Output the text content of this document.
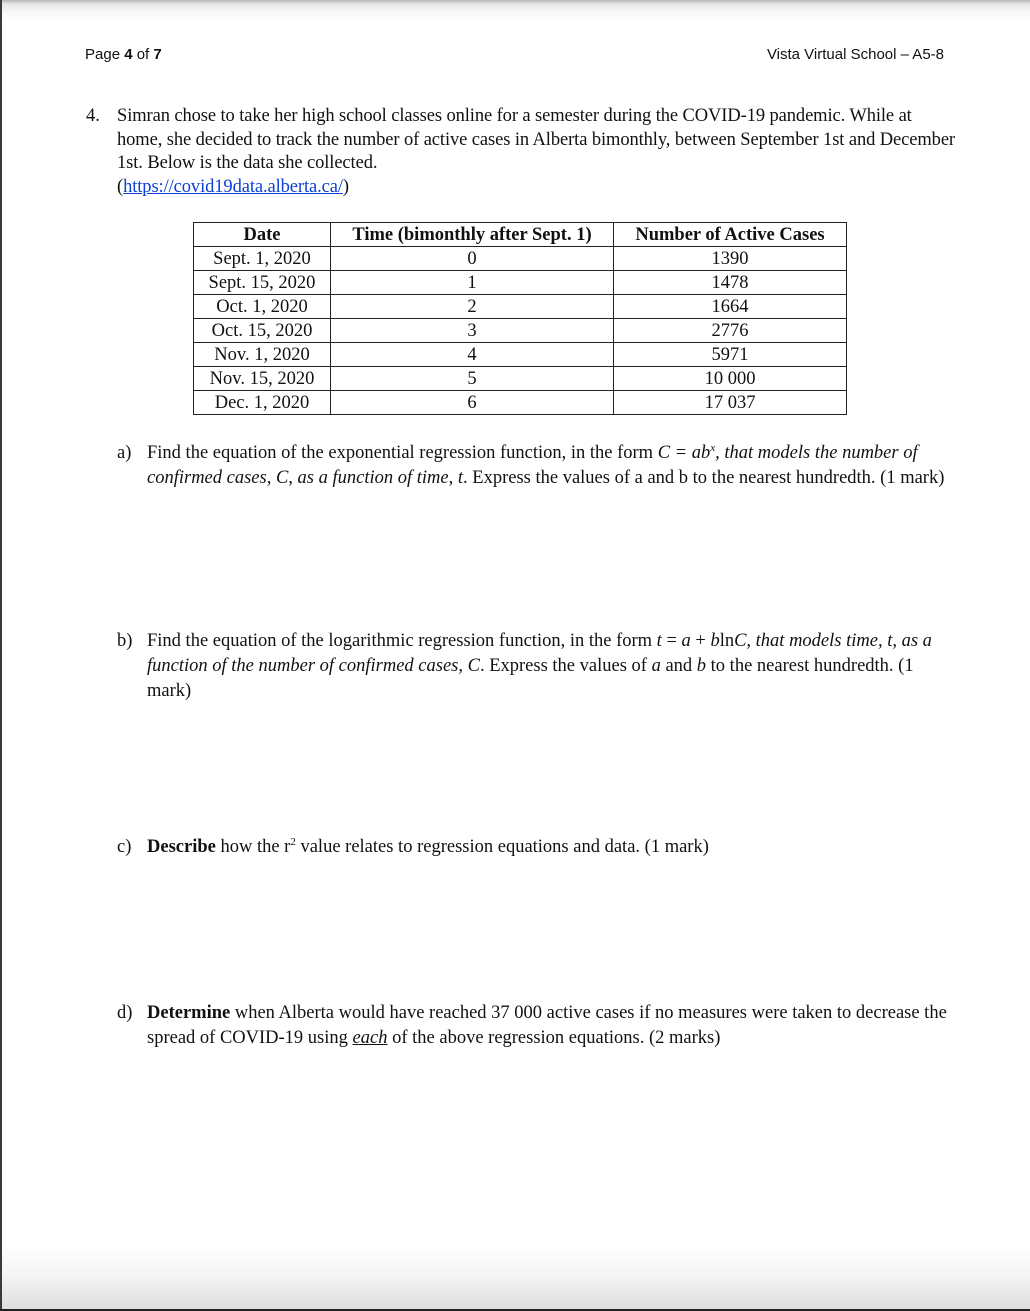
Page 4 of 7	Vista Virtual School – A5-8
4. Simran chose to take her high school classes online for a semester during the COVID-19 pandemic. While at home, she decided to track the number of active cases in Alberta bimonthly, between September 1st and December 1st. Below is the data she collected.
(https://covid19data.alberta.ca/)
Date	Time (bimonthly after Sept. 1)	Number of Active Cases
Sept. 1, 2020	0	1390
Sept. 15, 2020	1	1478
Oct. 1, 2020	2	1664
Oct. 15, 2020	3	2776
Nov. 1, 2020	4	5971
Nov. 15, 2020	5	10 000
Dec. 1, 2020	6	17 037
a) Find the equation of the exponential regression function, in the form $C = ab^x$, that models the number of confirmed cases, C, as a function of time, t. Express the values of a and b to the nearest hundredth. (1 mark)
b) Find the equation of the logarithmic regression function, in the form t = a + blnC, that models time, t, as a function of the number of confirmed cases, C. Express the values of a and b to the nearest hundredth. (1 mark)
c) Describe how the $r^2$ value relates to regression equations and data. (1 mark)
d) Determine when Alberta would have reached 37 000 active cases if no measures were taken to decrease the spread of COVID-19 using each of the above regression equations. (2 marks)
